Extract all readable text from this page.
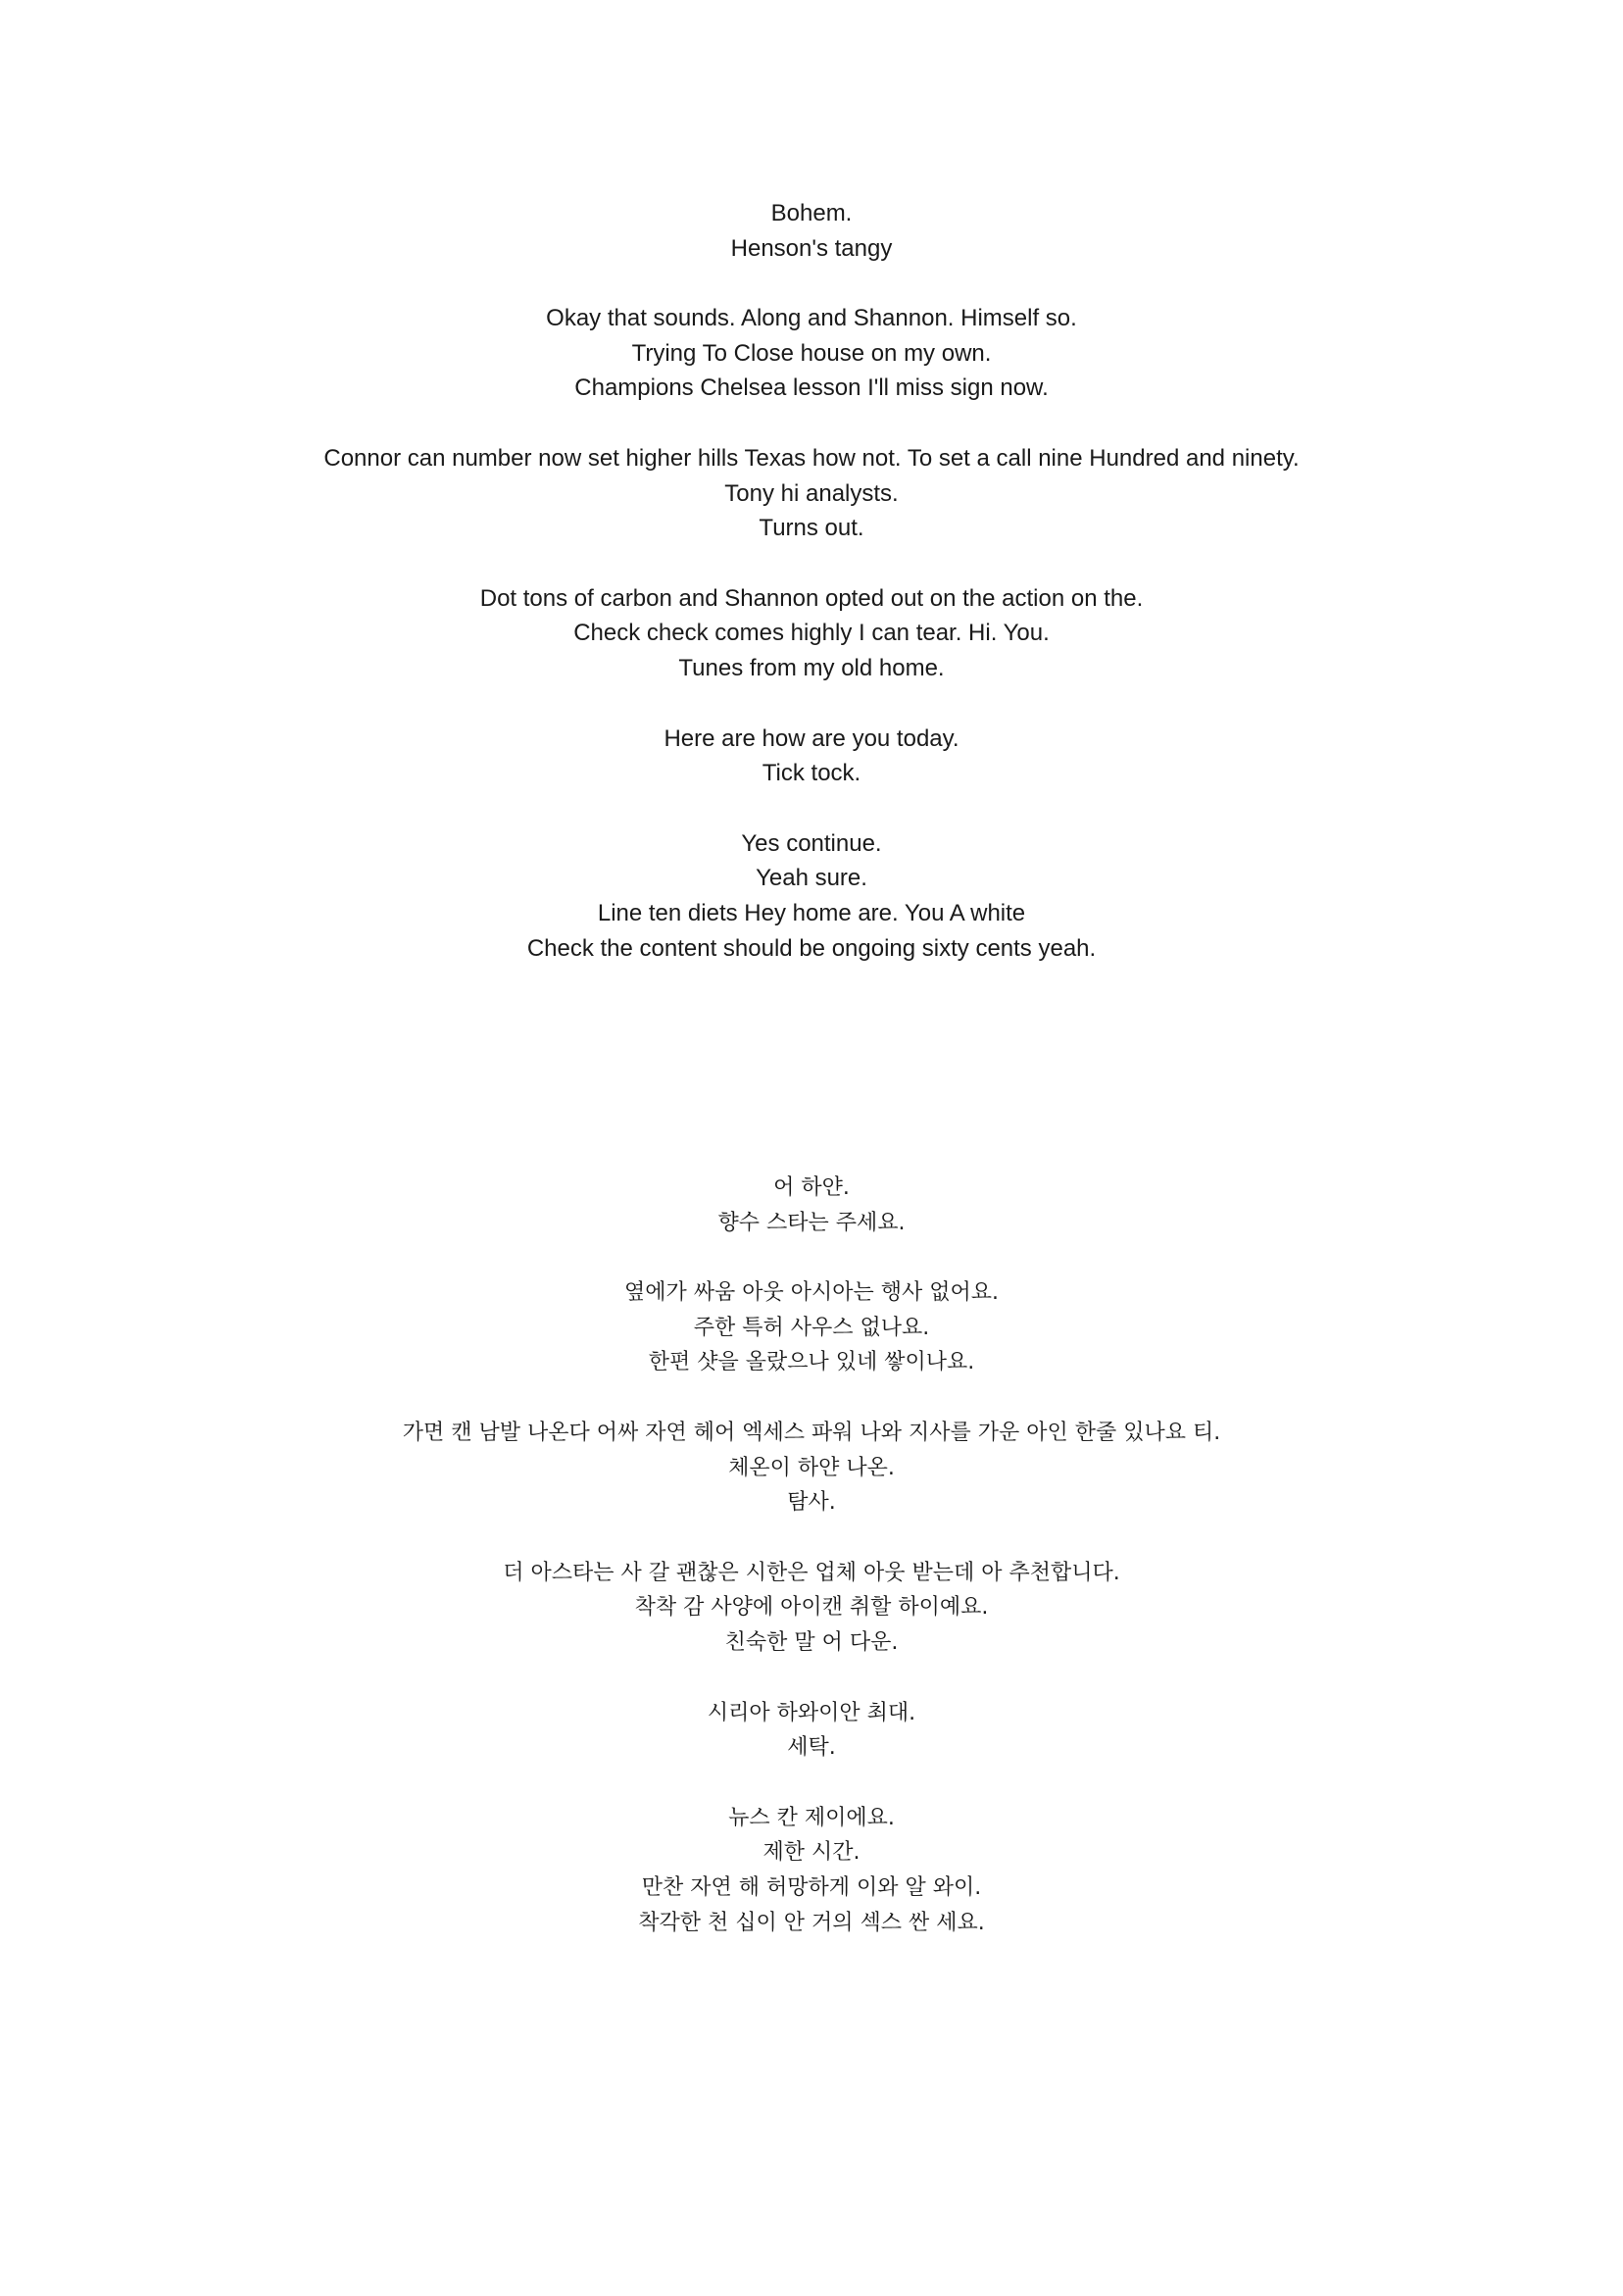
Bohem.
Henson's tangy
Okay that sounds. Along and Shannon. Himself so.
Trying To Close house on my own.
Champions Chelsea lesson I'll miss sign now.
Connor can number now set higher hills Texas how not. To set a call nine Hundred and ninety.
Tony hi analysts.
Turns out.
Dot tons of carbon and Shannon opted out on the action on the.
Check check comes highly I can tear. Hi. You.
Tunes from my old home.
Here are how are you today.
Tick tock.
Yes continue.
Yeah sure.
Line ten diets Hey home are. You A white
Check the content should be ongoing sixty cents yeah.
어 하얀.
향수 스타는 주세요.
옆에가 싸움 아웃 아시아는 행사 없어요.
주한 특허 사우스 없나요.
한편 샷을 올랐으나 있네 쌓이나요.
가면 캔 남발 나온다 어싸 자연 헤어 엑세스 파워 나와 지사를 가운 아인 한줄 있나요 티.
체온이 하얀 나온.
탐사.
더 아스타는 사 갈 괜찮은 시한은 업체 아웃 받는데 아 추천합니다.
착착 감 사양에 아이캔 취할 하이예요.
친숙한 말 어 다운.
시리아 하와이안 최대.
세탁.
뉴스 칸 제이에요.
제한 시간.
만찬 자연 해 허망하게 이와 알 와이.
착각한 천 십이 안 거의 섹스 싼 세요.
